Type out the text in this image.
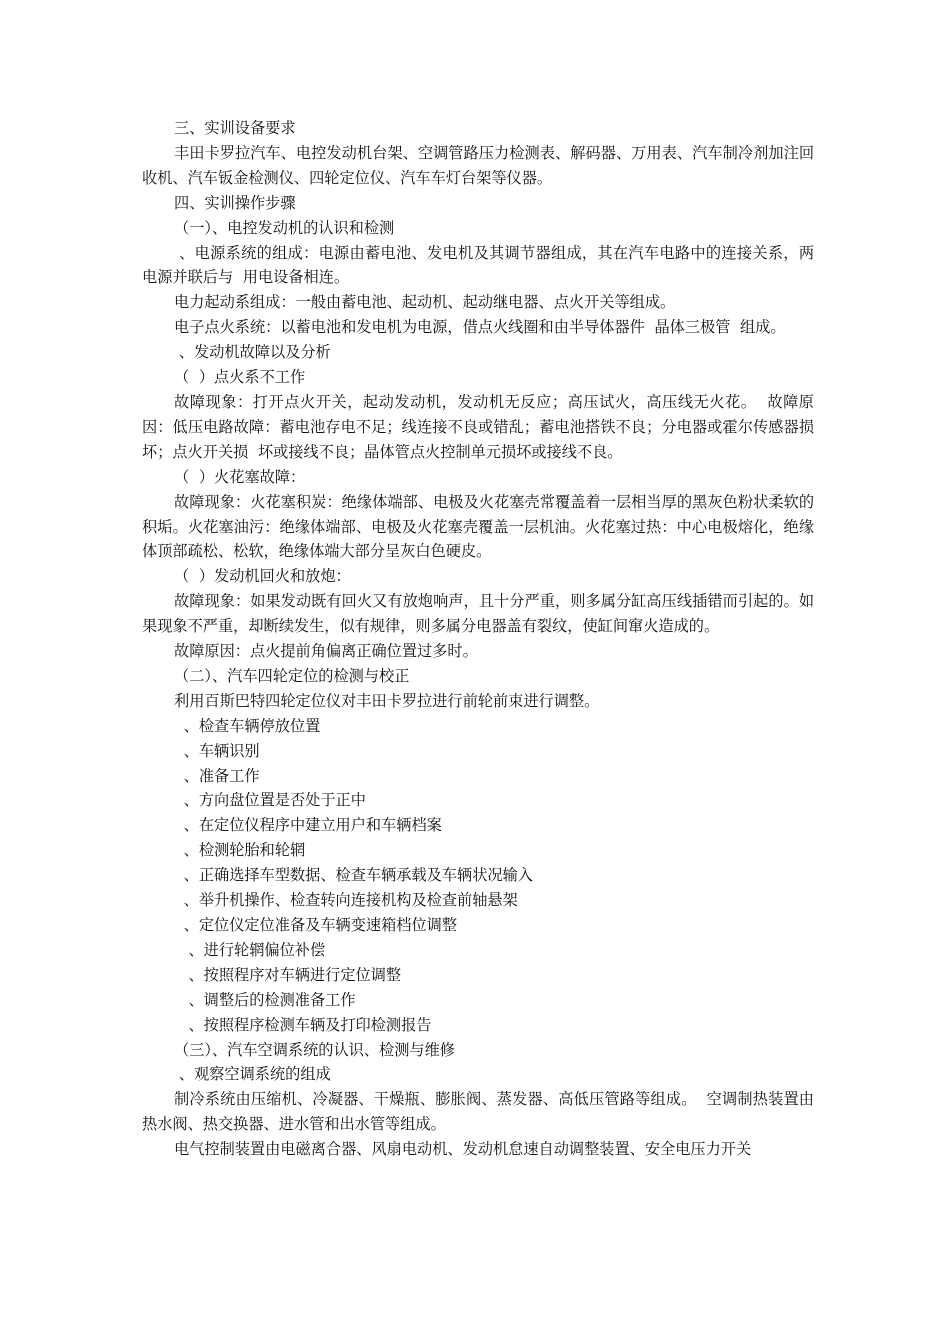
三、实训设备要求

丰田卡罗拉汽车、电控发动机台架、空调管路压力检测表、解码器、万用表、汽车制冷剂加注回收机、汽车钣金检测仪、四轮定位仪、汽车车灯台架等仪器。

四、实训操作步骤

（一）、电控发动机的认识和检测

、电源系统的组成：电源由蓄电池、发电机及其调节器组成，其在汽车电路中的连接关系，两电源并联后与  用电设备相连。

电力起动系组成：一般由蓄电池、起动机、起动继电器、点火开关等组成。

电子点火系统：以蓄电池和发电机为电源，借点火线圈和由半导体器件  晶体三极管  组成。

、发动机故障以及分析

（  ）点火系不工作

故障现象：打开点火开关，起动发动机，发动机无反应；高压试火，高压线无火花。  故障原因：低压电路故障：蓄电池存电不足；线连接不良或错乱；蓄电池搭铁不良；分电器或霍尔传感器损坏；点火开关损  坏或接线不良；晶体管点火控制单元损坏或接线不良。

（  ）火花塞故障：

故障现象：火花塞积炭：绝缘体端部、电极及火花塞壳常覆盖着一层相当厚的黑灰色粉状柔软的积垢。火花塞油污：绝缘体端部、电极及火花塞壳覆盖一层机油。火花塞过热：中心电极熔化，绝缘体顶部疏松、松软，绝缘体端大部分呈灰白色硬皮。

（  ）发动机回火和放炮：

故障现象：如果发动既有回火又有放炮响声，且十分严重，则多属分缸高压线插错而引起的。如果现象不严重，却断续发生，似有规律，则多属分电器盖有裂纹，使缸间窜火造成的。

故障原因：点火提前角偏离正确位置过多时。

（二）、汽车四轮定位的检测与校正

利用百斯巴特四轮定位仪对丰田卡罗拉进行前轮前束进行调整。

、检查车辆停放位置

、车辆识别

、准备工作

、方向盘位置是否处于正中

、在定位仪程序中建立用户和车辆档案

、检测轮胎和轮辋

、正确选择车型数据、检查车辆承载及车辆状况输入

、举升机操作、检查转向连接机构及检查前轴悬架

、定位仪定位准备及车辆变速箱档位调整

、进行轮辋偏位补偿

、按照程序对车辆进行定位调整

、调整后的检测准备工作

、按照程序检测车辆及打印检测报告

（三）、汽车空调系统的认识、检测与维修

、观察空调系统的组成

制冷系统由压缩机、冷凝器、干燥瓶、膨胀阀、蒸发器、高低压管路等组成。  空调制热装置由热水阀、热交换器、进水管和出水管等组成。

电气控制装置由电磁离合器、风扇电动机、发动机怠速自动调整装置、安全电压力开关
